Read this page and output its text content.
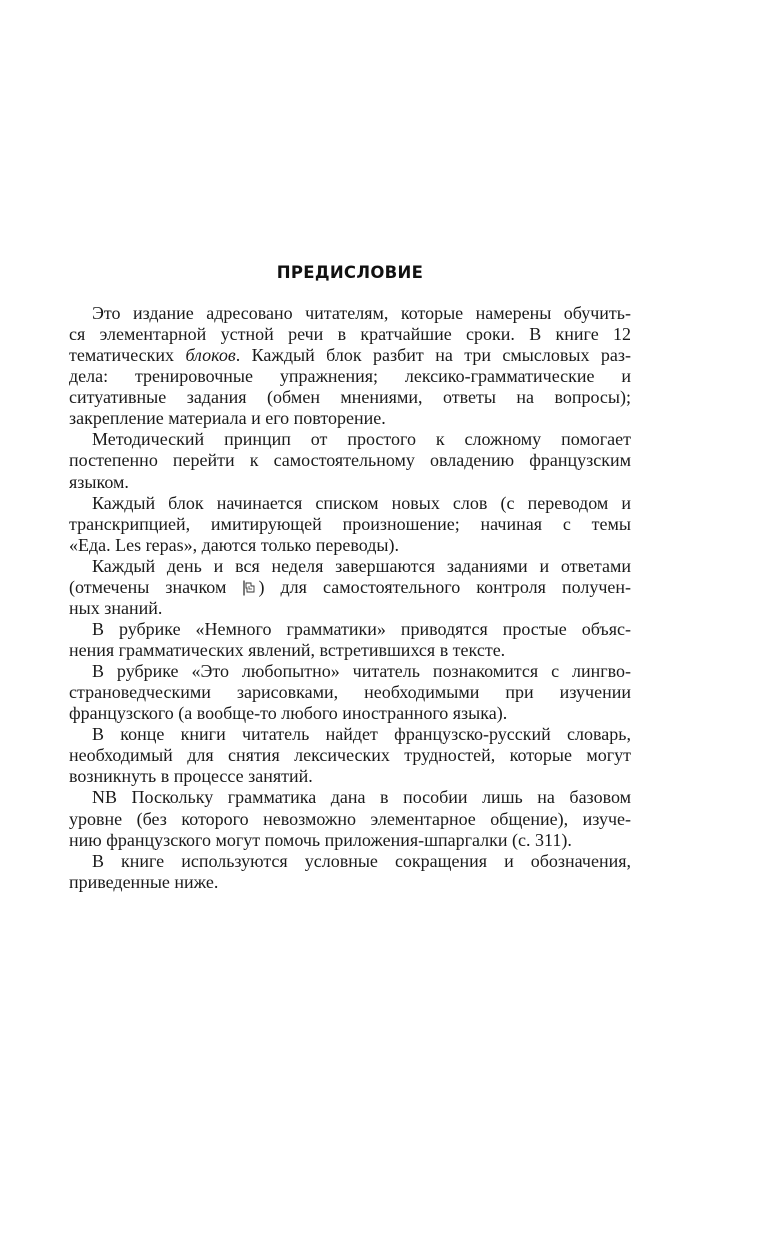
ПРЕДИСЛОВИЕ
Это издание адресовано читателям, которые намерены обучить-
ся элементарной устной речи в кратчайшие сроки. В книге 12
тематических блоков. Каждый блок разбит на три смысловых раз-
дела: тренировочные упражнения; лексико-грамматические и
ситуативные задания (обмен мнениями, ответы на вопросы);
закрепление материала и его повторение.
Методический принцип от простого к сложному помогает
постепенно перейти к самостоятельному овладению французским
языком.
Каждый блок начинается списком новых слов (с переводом и
транскрипцией, имитирующей произношение; начиная с темы
«Еда. Les repas», даются только переводы).
Каждый день и вся неделя завершаются заданиями и ответами
(отмечены значком
) для самостоятельного контроля получен-
ных знаний.
В рубрике «Немного грамматики» приводятся простые объяс-
нения грамматических явлений, встретившихся в тексте.
В рубрике «Это любопытно» читатель познакомится с лингво-
страноведческими зарисовками, необходимыми при изучении
французского (а вообще-то любого иностранного языка).
В конце книги читатель найдет французско-русский словарь,
необходимый для снятия лексических трудностей, которые могут
возникнуть в процессе занятий.
NB Поскольку грамматика дана в пособии лишь на базовом
уровне (без которого невозможно элементарное общение), изуче-
нию французского могут помочь приложения-шпаргалки (с. 311).
В книге используются условные сокращения и обозначения,
приведенные ниже.
